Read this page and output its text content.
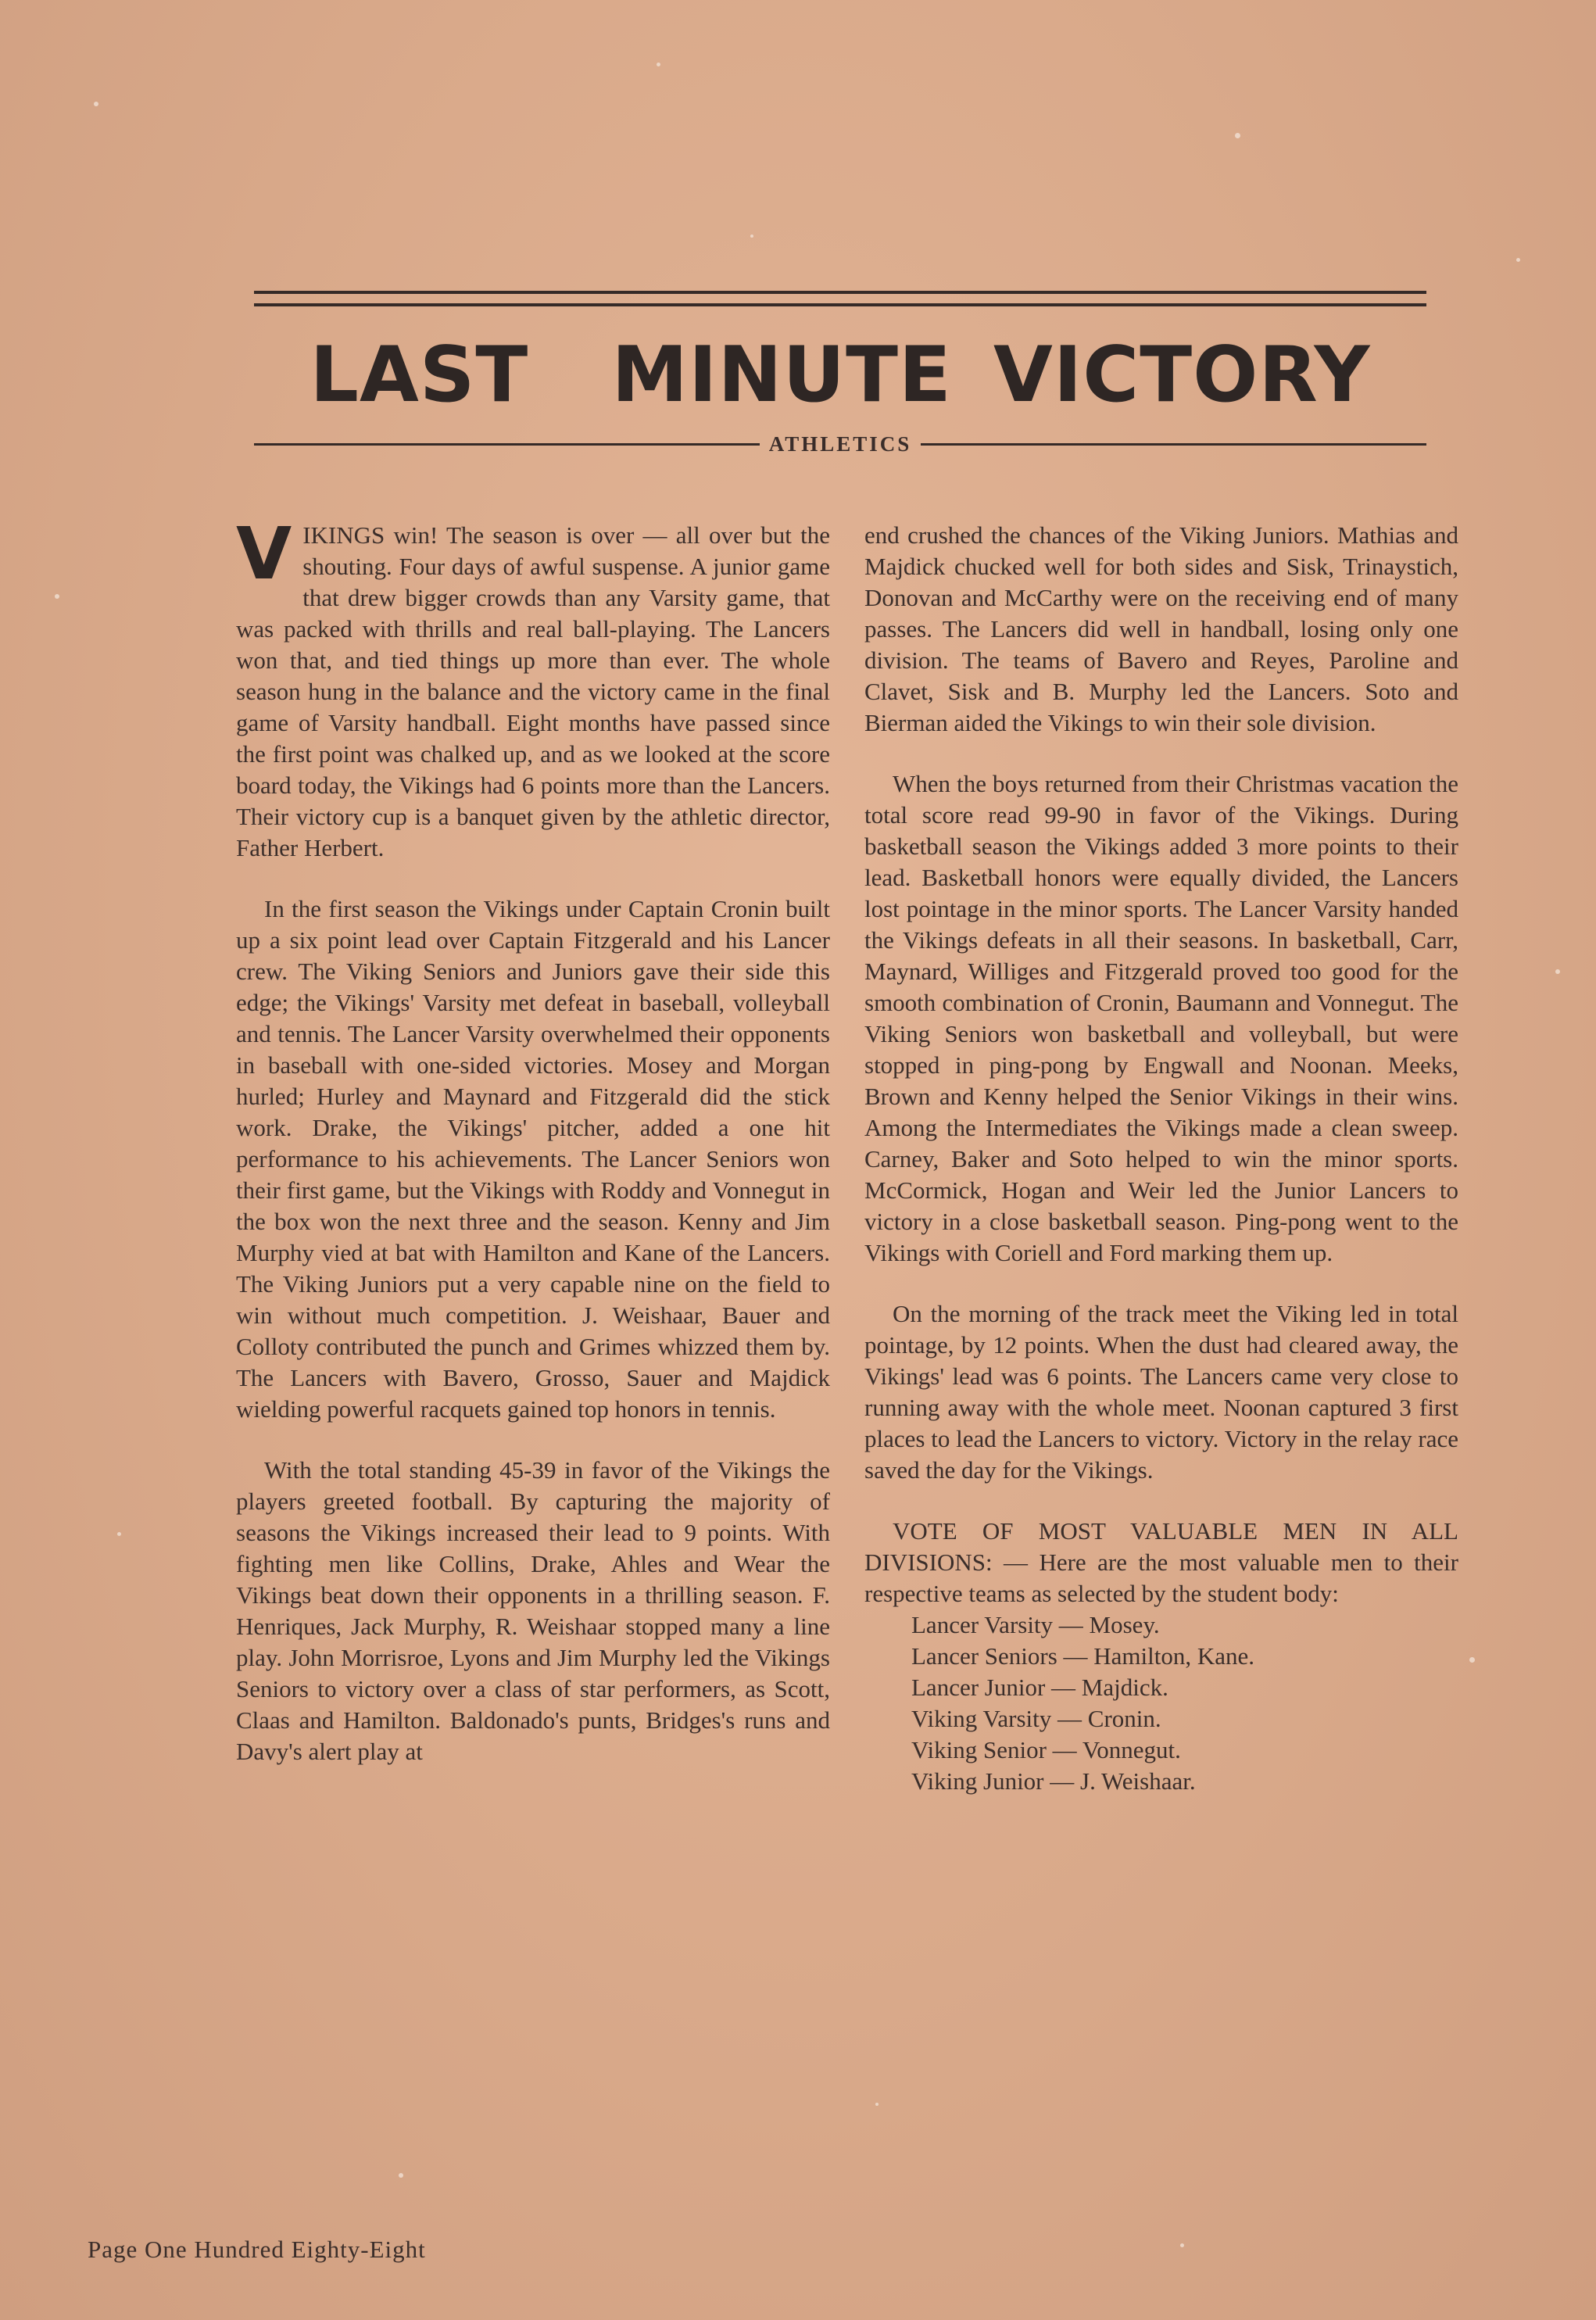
LAST  MINUTE VICTORY
ATHLETICS

VIKINGS win! The season is over — all over but the shouting. Four days of awful suspense. A junior game that drew bigger crowds than any Varsity game, that was packed with thrills and real ball-playing. The Lancers won that, and tied things up more than ever. The whole season hung in the balance and the victory came in the final game of Varsity handball. Eight months have passed since the first point was chalked up, and as we looked at the score board today, the Vikings had 6 points more than the Lancers. Their victory cup is a banquet given by the athletic director, Father Herbert.

In the first season the Vikings under Captain Cronin built up a six point lead over Captain Fitzgerald and his Lancer crew. The Viking Seniors and Juniors gave their side this edge; the Vikings' Varsity met defeat in baseball, volleyball and tennis. The Lancer Varsity overwhelmed their opponents in baseball with one-sided victories. Mosey and Morgan hurled; Hurley and Maynard and Fitzgerald did the stick work. Drake, the Vikings' pitcher, added a one hit performance to his achievements. The Lancer Seniors won their first game, but the Vikings with Roddy and Vonnegut in the box won the next three and the season. Kenny and Jim Murphy vied at bat with Hamilton and Kane of the Lancers. The Viking Juniors put a very capable nine on the field to win without much competition. J. Weishaar, Bauer and Colloty contributed the punch and Grimes whizzed them by. The Lancers with Bavero, Grosso, Sauer and Majdick wielding powerful racquets gained top honors in tennis.

With the total standing 45-39 in favor of the Vikings the players greeted football. By capturing the majority of seasons the Vikings increased their lead to 9 points. With fighting men like Collins, Drake, Ahles and Wear the Vikings beat down their opponents in a thrilling season. F. Henriques, Jack Murphy, R. Weishaar stopped many a line play. John Morrisroe, Lyons and Jim Murphy led the Vikings Seniors to victory over a class of star performers, as Scott, Claas and Hamilton. Baldonado's punts, Bridges's runs and Davy's alert play at

end crushed the chances of the Viking Juniors. Mathias and Majdick chucked well for both sides and Sisk, Trinaystich, Donovan and McCarthy were on the receiving end of many passes. The Lancers did well in handball, losing only one division. The teams of Bavero and Reyes, Paroline and Clavet, Sisk and B. Murphy led the Lancers. Soto and Bierman aided the Vikings to win their sole division.

When the boys returned from their Christmas vacation the total score read 99-90 in favor of the Vikings. During basketball season the Vikings added 3 more points to their lead. Basketball honors were equally divided, the Lancers lost pointage in the minor sports. The Lancer Varsity handed the Vikings defeats in all their seasons. In basketball, Carr, Maynard, Williges and Fitzgerald proved too good for the smooth combination of Cronin, Baumann and Vonnegut. The Viking Seniors won basketball and volleyball, but were stopped in ping-pong by Engwall and Noonan. Meeks, Brown and Kenny helped the Senior Vikings in their wins. Among the Intermediates the Vikings made a clean sweep. Carney, Baker and Soto helped to win the minor sports. McCormick, Hogan and Weir led the Junior Lancers to victory in a close basketball season. Ping-pong went to the Vikings with Coriell and Ford marking them up.

On the morning of the track meet the Viking led in total pointage, by 12 points. When the dust had cleared away, the Vikings' lead was 6 points. The Lancers came very close to running away with the whole meet. Noonan captured 3 first places to lead the Lancers to victory. Victory in the relay race saved the day for the Vikings.

VOTE OF MOST VALUABLE MEN IN ALL DIVISIONS: — Here are the most valuable men to their respective teams as selected by the student body:

Lancer Varsity — Mosey.
Lancer Seniors — Hamilton, Kane.
Lancer Junior — Majdick.
Viking Varsity — Cronin.
Viking Senior — Vonnegut.
Viking Junior — J. Weishaar.
Page One Hundred Eighty-Eight
